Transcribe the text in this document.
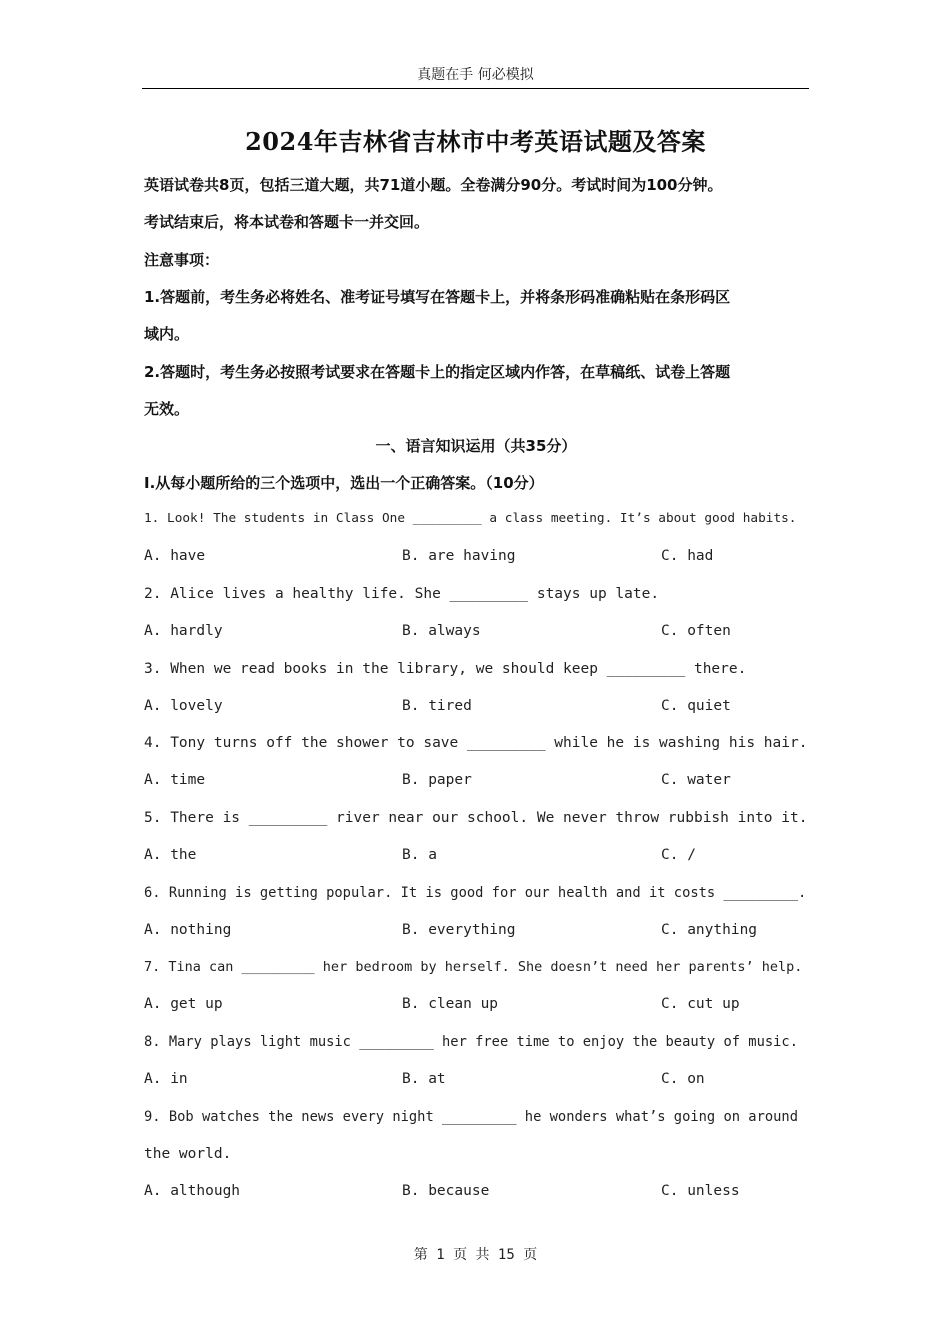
真题在手 何必模拟
2024年吉林省吉林市中考英语试题及答案
英语试卷共8页，包括三道大题，共71道小题。全卷满分90分。考试时间为100分钟。
考试结束后，将本试卷和答题卡一并交回。
注意事项：
1.答题前，考生务必将姓名、准考证号填写在答题卡上，并将条形码准确粘贴在条形码区
域内。
2.答题时，考生务必按照考试要求在答题卡上的指定区域内作答，在草稿纸、试卷上答题
无效。
一、语言知识运用（共35分）
Ⅰ.从每小题所给的三个选项中，选出一个正确答案。（10分）
1. Look! The students in Class One _________ a class meeting. It’s about good habits.
A. have	B. are having	C. had
2. Alice lives a healthy life. She _________ stays up late.
A. hardly	B. always	C. often
3. When we read books in the library, we should keep _________ there.
A. lovely	B. tired	C. quiet
4. Tony turns off the shower to save _________ while he is washing his hair.
A. time	B. paper	C. water
5. There is _________ river near our school. We never throw rubbish into it.
A. the	B. a	C. /
6. Running is getting popular. It is good for our health and it costs _________.
A. nothing	B. everything	C. anything
7. Tina can _________ her bedroom by herself. She doesn’t need her parents’ help.
A. get up	B. clean up	C. cut up
8. Mary plays light music _________ her free time to enjoy the beauty of music.
A. in	B. at	C. on
9. Bob watches the news every night _________ he wonders what’s going on around
the world.
A. although	B. because	C. unless
第 1 页 共 15 页
